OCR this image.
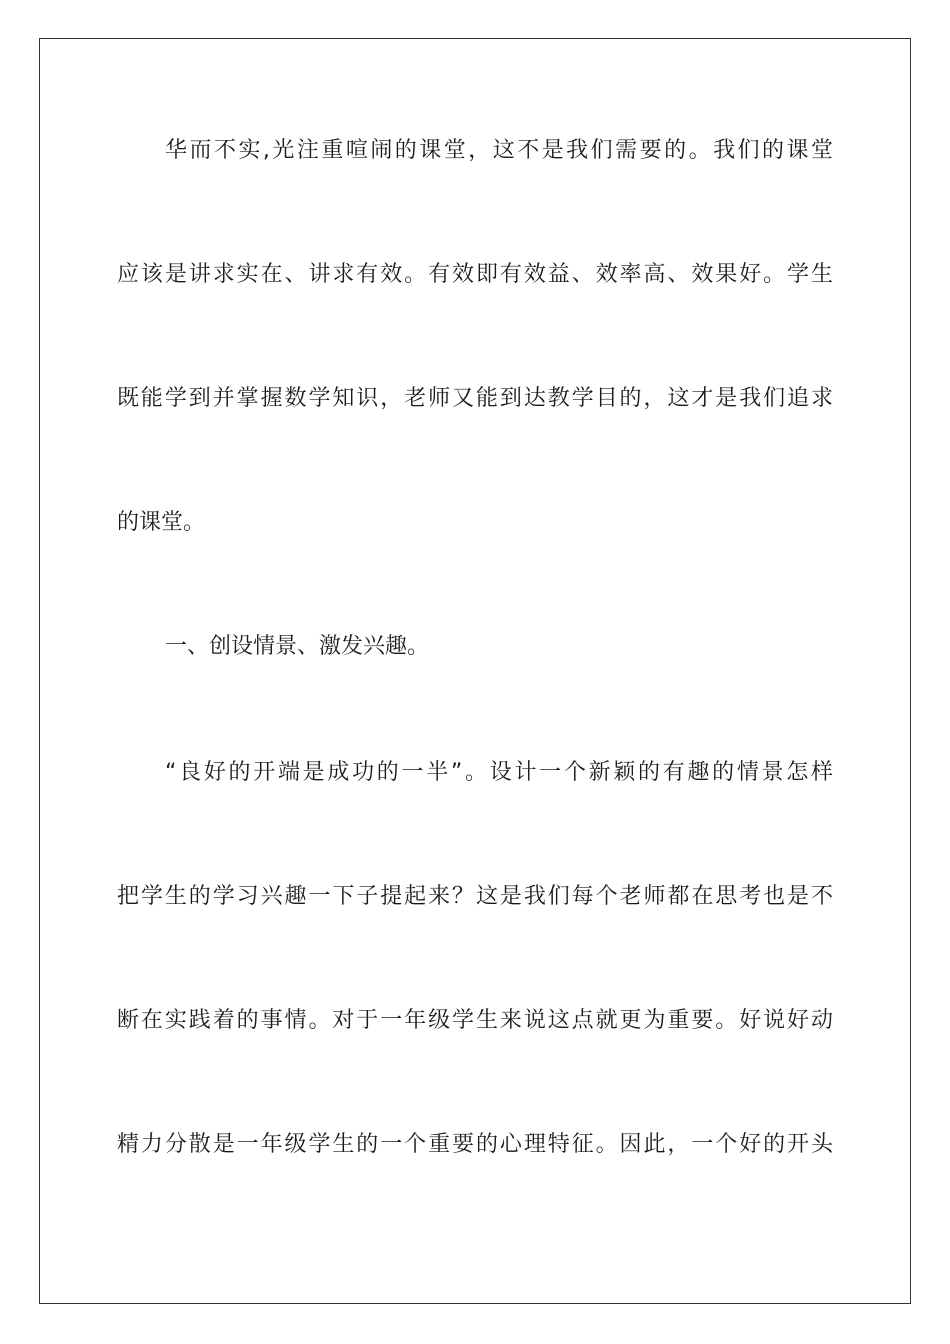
华而不实,光注重喧闹的课堂，这不是我们需要的。我们的课堂

应该是讲求实在、讲求有效。有效即有效益、效率高、效果好。学生

既能学到并掌握数学知识，老师又能到达教学目的，这才是我们追求

的课堂。

一、创设情景、激发兴趣。

“良好的开端是成功的一半”。设计一个新颖的有趣的情景怎样

把学生的学习兴趣一下子提起来？这是我们每个老师都在思考也是不

断在实践着的事情。对于一年级学生来说这点就更为重要。好说好动

精力分散是一年级学生的一个重要的心理特征。因此，一个好的开头
